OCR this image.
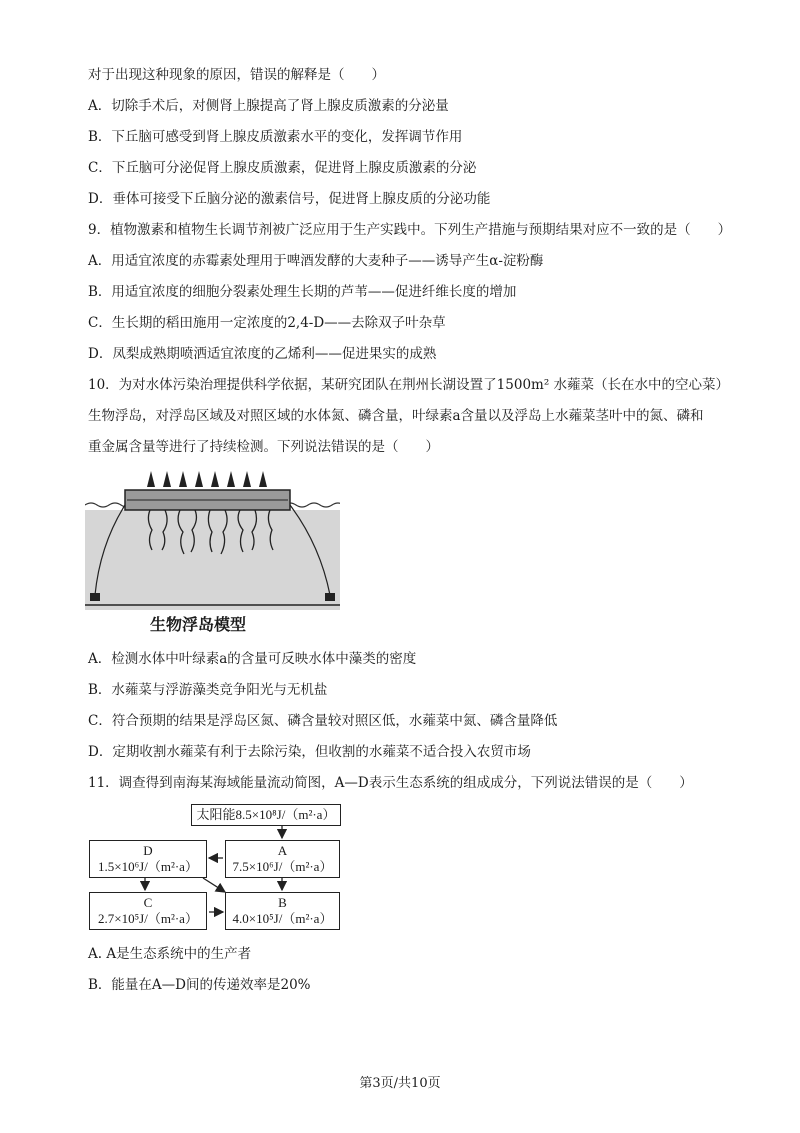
对于出现这种现象的原因，错误的解释是（　　）
A．切除手术后，对侧肾上腺提高了肾上腺皮质激素的分泌量
B．下丘脑可感受到肾上腺皮质激素水平的变化，发挥调节作用
C．下丘脑可分泌促肾上腺皮质激素，促进肾上腺皮质激素的分泌
D．垂体可接受下丘脑分泌的激素信号，促进肾上腺皮质的分泌功能
9．植物激素和植物生长调节剂被广泛应用于生产实践中。下列生产措施与预期结果对应不一致的是（　　）
A．用适宜浓度的赤霉素处理用于啤酒发酵的大麦种子——诱导产生α-淀粉酶
B．用适宜浓度的细胞分裂素处理生长期的芦苇——促进纤维长度的增加
C．生长期的稻田施用一定浓度的2,4-D——去除双子叶杂草
D．凤梨成熟期喷洒适宜浓度的乙烯利——促进果实的成熟
10．为对水体污染治理提供科学依据，某研究团队在荆州长湖设置了1500m² 水蕹菜（长在水中的空心菜）
生物浮岛，对浮岛区域及对照区域的水体氮、磷含量，叶绿素a含量以及浮岛上水蕹菜茎叶中的氮、磷和
重金属含量等进行了持续检测。下列说法错误的是（　　）
生物浮岛模型
A．检测水体中叶绿素a的含量可反映水体中藻类的密度
B．水蕹菜与浮游藻类竞争阳光与无机盐
C．符合预期的结果是浮岛区氮、磷含量较对照区低，水蕹菜中氮、磷含量降低
D．定期收割水蕹菜有利于去除污染，但收割的水蕹菜不适合投入农贸市场
11．调查得到南海某海域能量流动简图，A—D表示生态系统的组成成分，下列说法错误的是（　　）
太阳能8.5×10⁸J/（m²·a）
A
7.5×10⁶J/（m²·a）
D
1.5×10⁶J/（m²·a）
C
2.7×10⁵J/（m²·a）
B
4.0×10⁵J/（m²·a）
A. A是生态系统中的生产者
B．能量在A—D间的传递效率是20%
第3页/共10页
